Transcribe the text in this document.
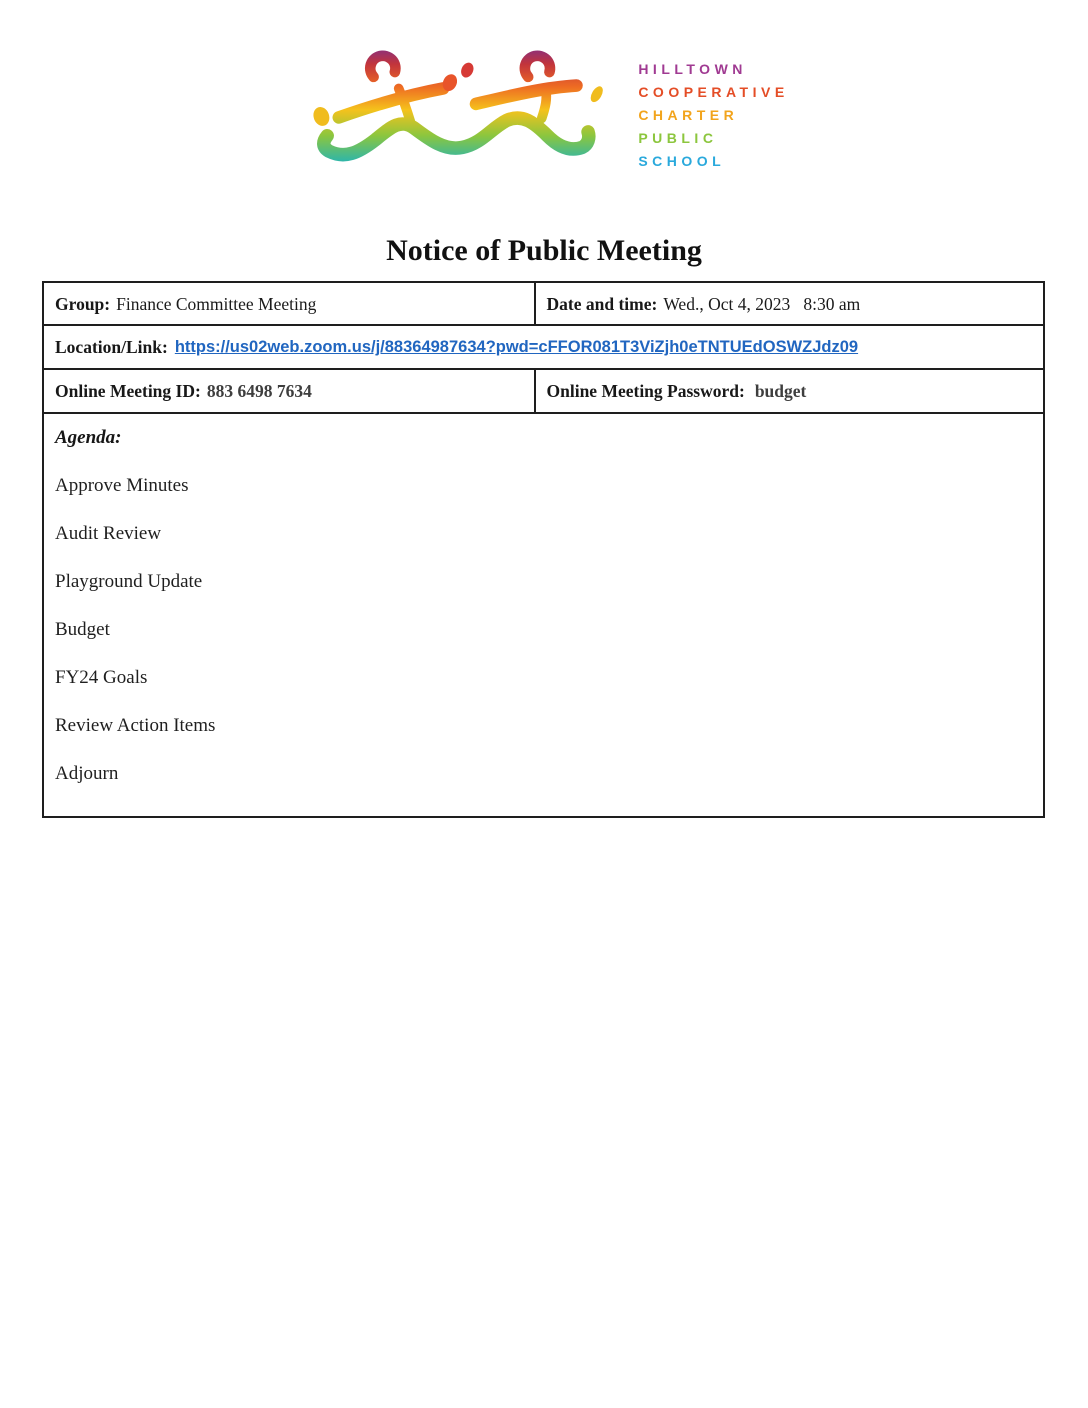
HILLTOWN
COOPERATIVE
CHARTER
PUBLIC
SCHOOL
Notice of Public Meeting
Group: Finance Committee Meeting	Date and time: Wed., Oct 4, 2023   8:30 am
Location/Link: https://us02web.zoom.us/j/88364987634?pwd=cFFOR081T3ViZjh0eTNTUEdOSWZJdz09
Online Meeting ID: 883 6498 7634	Online Meeting Password: budget
Agenda:
Approve Minutes
Audit Review
Playground Update
Budget
FY24 Goals
Review Action Items
Adjourn
